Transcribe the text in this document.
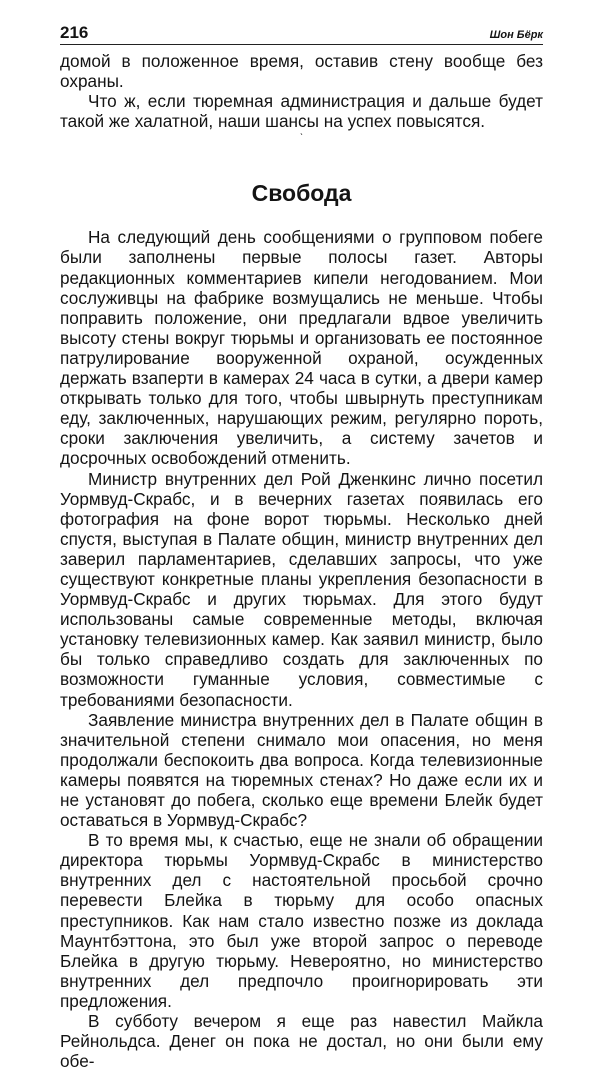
216	Шон Бёрк

домой в положенное время, оставив стену вообще без охраны.

Что ж, если тюремная администрация и дальше будет такой же халатной, наши шансы на успех повысятся.

ˋ
Свобода

На следующий день сообщениями о групповом побеге были заполнены первые полосы газет. Авторы редакционных комментариев кипели негодованием. Мои сослуживцы на фабрике возмущались не меньше. Чтобы поправить положение, они предлагали вдвое увеличить высоту стены вокруг тюрьмы и организовать ее постоянное патрулирование вооруженной охраной, осужденных держать взаперти в камерах 24 часа в сутки, а двери камер открывать только для того, чтобы швырнуть преступникам еду, заключенных, нарушающих режим, регулярно пороть, сроки заключения увеличить, а систему зачетов и досрочных освобождений отменить.

Министр внутренних дел Рой Дженкинс лично посетил Уормвуд-Скрабс, и в вечерних газетах появилась его фотография на фоне ворот тюрьмы. Несколько дней спустя, выступая в Палате общин, министр внутренних дел заверил парламентариев, сделавших запросы, что уже существуют конкретные планы укрепления безопасности в Уормвуд-Скрабс и других тюрьмах. Для этого будут использованы самые современные методы, включая установку телевизионных камер. Как заявил министр, было бы только справедливо создать для заключенных по возможности гуманные условия, совместимые с требованиями безопасности.

Заявление министра внутренних дел в Палате общин в значительной степени снимало мои опасения, но меня продолжали беспокоить два вопроса. Когда телевизионные камеры появятся на тюремных стенах? Но даже если их и не установят до побега, сколько еще времени Блейк будет оставаться в Уормвуд-Скрабс?

В то время мы, к счастью, еще не знали об обращении директора тюрьмы Уормвуд-Скрабс в министерство внутренних дел с настоятельной просьбой срочно перевести Блейка в тюрьму для особо опасных преступников. Как нам стало известно позже из доклада Маунтбэттона, это был уже второй запрос о переводе Блейка в другую тюрьму. Невероятно, но министерство внутренних дел предпочло проигнорировать эти предложения.

В субботу вечером я еще раз навестил Майкла Рейнольдса. Денег он пока не достал, но они были ему обе-
